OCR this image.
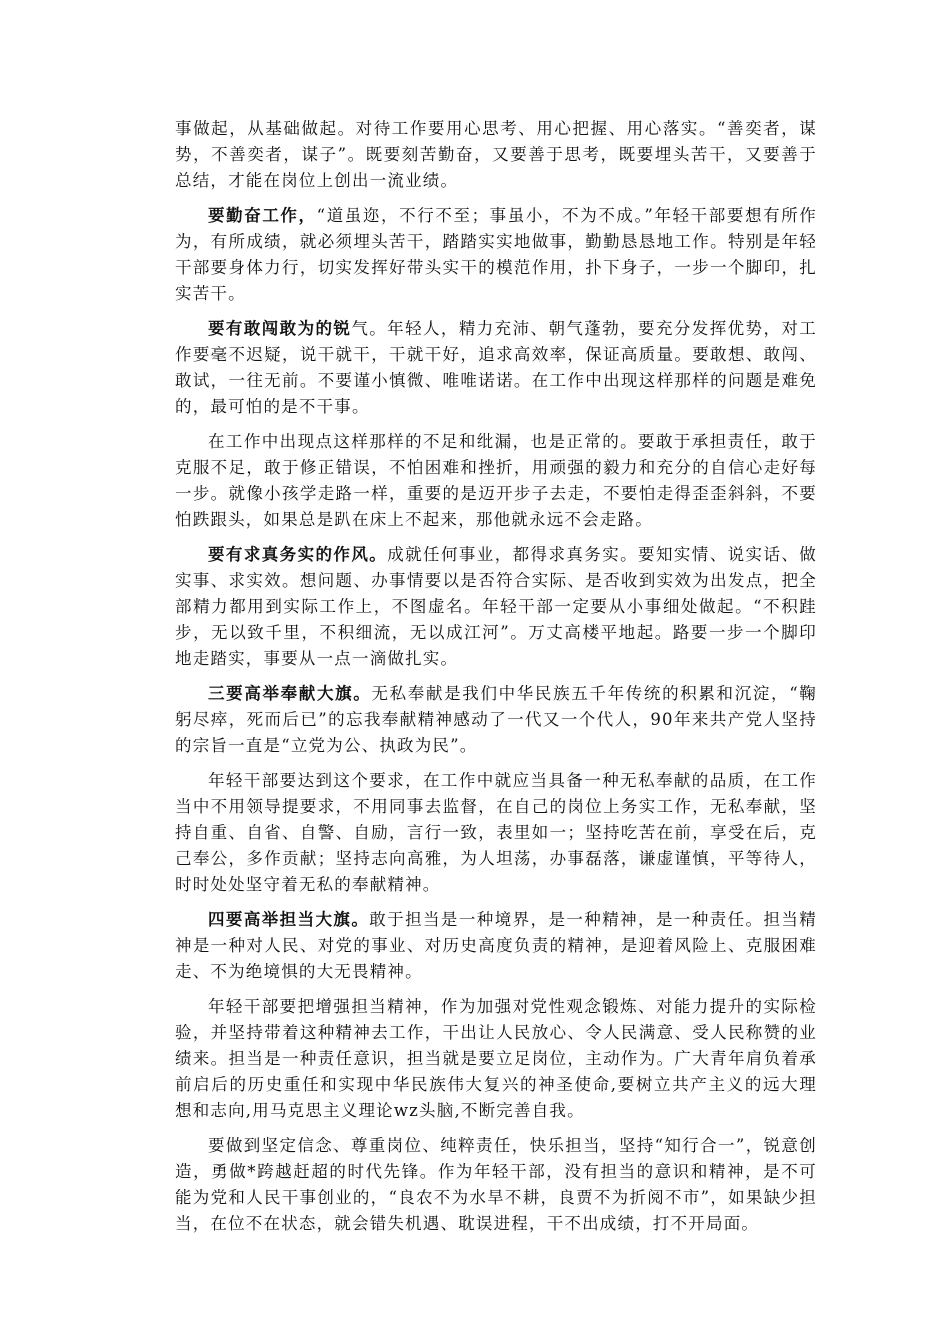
事做起，从基础做起。对待工作要用心思考、用心把握、用心落实。“善奕者，谋势，不善奕者，谋子”。既要刻苦勤奋，又要善于思考，既要埋头苦干，又要善于总结，才能在岗位上创出一流业绩。

要勤奋工作，“道虽迩，不行不至；事虽小，不为不成。”年轻干部要想有所作为，有所成绩，就必须埋头苦干，踏踏实实地做事，勤勤恳恳地工作。特别是年轻干部要身体力行，切实发挥好带头实干的模范作用，扑下身子，一步一个脚印，扎实苦干。

要有敢闯敢为的锐气。年轻人，精力充沛、朝气蓬勃，要充分发挥优势，对工作要毫不迟疑，说干就干，干就干好，追求高效率，保证高质量。要敢想、敢闯、敢试，一往无前。不要谨小慎微、唯唯诺诺。在工作中出现这样那样的问题是难免的，最可怕的是不干事。

在工作中出现点这样那样的不足和纰漏，也是正常的。要敢于承担责任，敢于克服不足，敢于修正错误，不怕困难和挫折，用顽强的毅力和充分的自信心走好每一步。就像小孩学走路一样，重要的是迈开步子去走，不要怕走得歪歪斜斜，不要怕跌跟头，如果总是趴在床上不起来，那他就永远不会走路。

要有求真务实的作风。成就任何事业，都得求真务实。要知实情、说实话、做实事、求实效。想问题、办事情要以是否符合实际、是否收到实效为出发点，把全部精力都用到实际工作上，不图虚名。年轻干部一定要从小事细处做起。“不积跬步，无以致千里，不积细流，无以成江河”。万丈高楼平地起。路要一步一个脚印地走踏实，事要从一点一滴做扎实。

三要高举奉献大旗。无私奉献是我们中华民族五千年传统的积累和沉淀，“鞠躬尽瘁，死而后已”的忘我奉献精神感动了一代又一个代人，90年来共产党人坚持的宗旨一直是“立党为公、执政为民”。

年轻干部要达到这个要求，在工作中就应当具备一种无私奉献的品质，在工作当中不用领导提要求，不用同事去监督，在自己的岗位上务实工作，无私奉献，坚持自重、自省、自警、自励，言行一致，表里如一；坚持吃苦在前，享受在后，克己奉公，多作贡献；坚持志向高雅，为人坦荡，办事磊落，谦虚谨慎，平等待人，时时处处坚守着无私的奉献精神。

四要高举担当大旗。敢于担当是一种境界，是一种精神，是一种责任。担当精神是一种对人民、对党的事业、对历史高度负责的精神，是迎着风险上、克服困难走、不为绝境惧的大无畏精神。

年轻干部要把增强担当精神，作为加强对党性观念锻炼、对能力提升的实际检验，并坚持带着这种精神去工作，干出让人民放心、令人民满意、受人民称赞的业绩来。担当是一种责任意识，担当就是要立足岗位，主动作为。广大青年肩负着承前启后的历史重任和实现中华民族伟大复兴的神圣使命,要树立共产主义的远大理想和志向,用马克思主义理论wz头脑,不断完善自我。

要做到坚定信念、尊重岗位、纯粹责任，快乐担当，坚持“知行合一”，锐意创造，勇做*跨越赶超的时代先锋。作为年轻干部，没有担当的意识和精神，是不可能为党和人民干事创业的，“良农不为水旱不耕，良贾不为折阅不市”，如果缺少担当，在位不在状态，就会错失机遇、耽误进程，干不出成绩，打不开局面。
